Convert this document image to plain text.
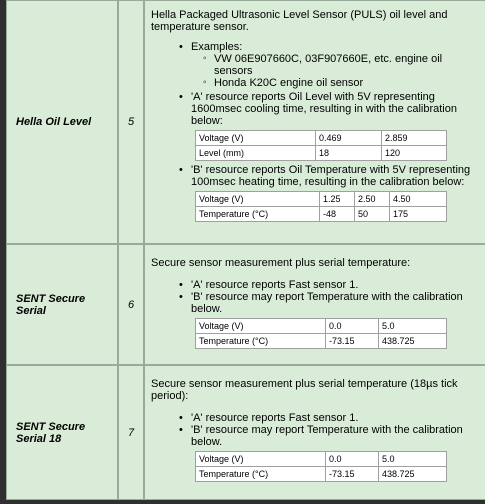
Hella Oil Level	5

Hella Packaged Ultrasonic Level Sensor (PULS) oil level and temperature sensor.

• Examples:
◦ VW 06E907660C, 03F907660E, etc. engine oil sensors
◦ Honda K20C engine oil sensor
• 'A' resource reports Oil Level with 5V representing 1600msec cooling time, resulting in with the calibration below:
Voltage (V)	0.469	2.859
Level (mm)	18	120
• 'B' resource reports Oil Temperature with 5V representing 100msec heating time, resulting in the calibration below:
Voltage (V)	1.25	2.50	4.50
Temperature (°C)	-48	50	175
SENT Secure Serial	6

Secure sensor measurement plus serial temperature:

• 'A' resource reports Fast sensor 1.
• 'B' resource may report Temperature with the calibration below.
Voltage (V)	0.0	5.0
Temperature (°C)	-73.15	438.725
SENT Secure Serial 18	7

Secure sensor measurement plus serial temperature (18µs tick period):

• 'A' resource reports Fast sensor 1.
• 'B' resource may report Temperature with the calibration below.
Voltage (V)	0.0	5.0
Temperature (°C)	-73.15	438.725
